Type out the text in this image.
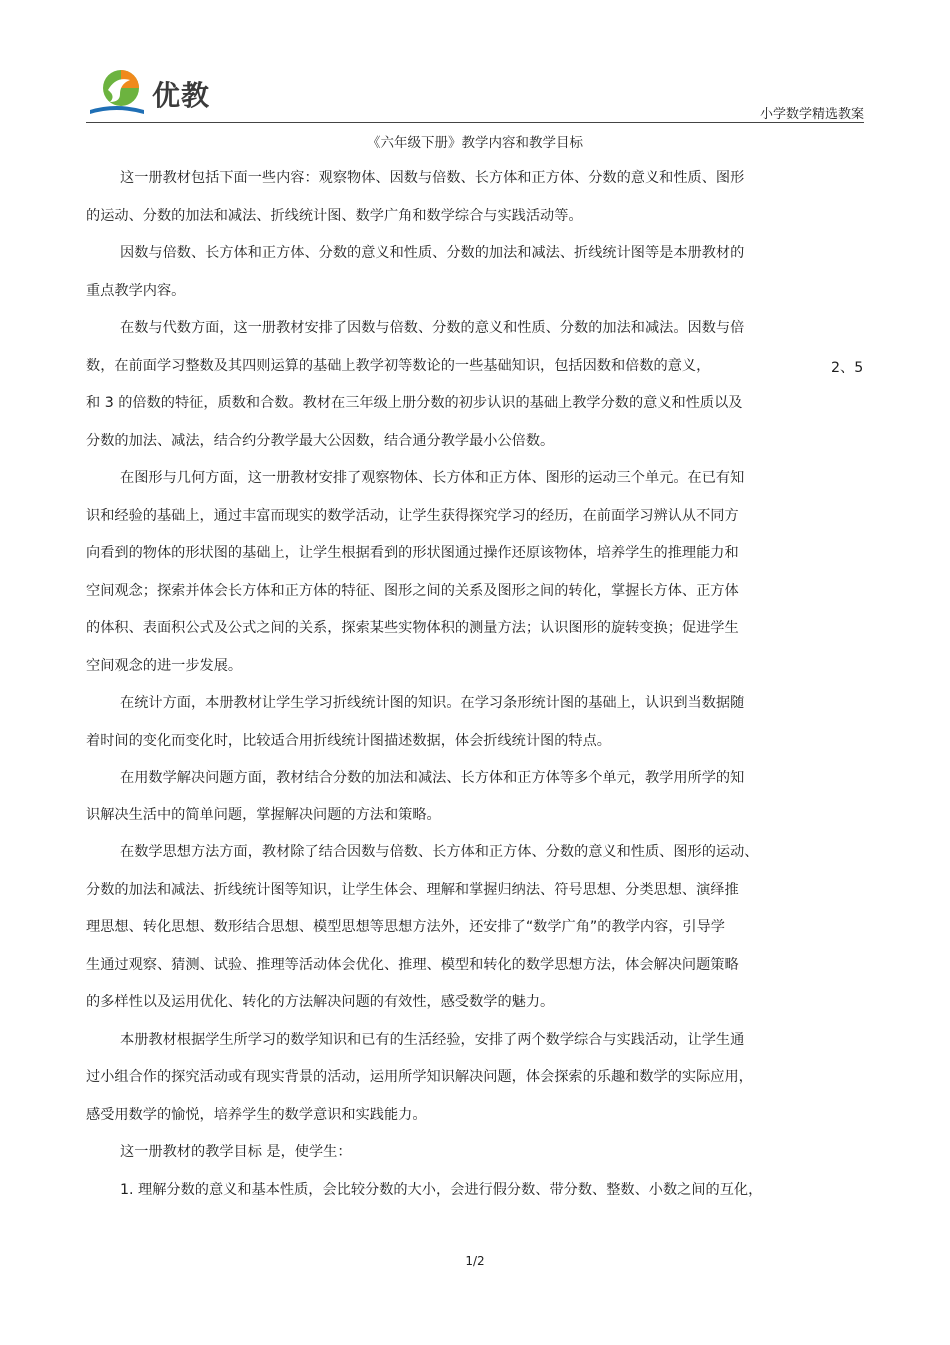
优教
小学数学精选教案
《六年级下册》教学内容和教学目标
这一册教材包括下面一些内容：观察物体、因数与倍数、长方体和正方体、分数的意义和性质、图形
的运动、分数的加法和减法、折线统计图、数学广角和数学综合与实践活动等。
因数与倍数、长方体和正方体、分数的意义和性质、分数的加法和减法、折线统计图等是本册教材的
重点教学内容。
在数与代数方面，这一册教材安排了因数与倍数、分数的意义和性质、分数的加法和减法。因数与倍
数，在前面学习整数及其四则运算的基础上教学初等数论的一些基础知识，包括因数和倍数的意义，	2、5
和 3 的倍数的特征，质数和合数。教材在三年级上册分数的初步认识的基础上教学分数的意义和性质以及
分数的加法、减法，结合约分教学最大公因数，结合通分教学最小公倍数。
在图形与几何方面，这一册教材安排了观察物体、长方体和正方体、图形的运动三个单元。在已有知
识和经验的基础上，通过丰富而现实的数学活动，让学生获得探究学习的经历，在前面学习辨认从不同方
向看到的物体的形状图的基础上，让学生根据看到的形状图通过操作还原该物体，培养学生的推理能力和
空间观念；探索并体会长方体和正方体的特征、图形之间的关系及图形之间的转化，掌握长方体、正方体
的体积、表面积公式及公式之间的关系，探索某些实物体积的测量方法；认识图形的旋转变换；促进学生
空间观念的进一步发展。
在统计方面，本册教材让学生学习折线统计图的知识。在学习条形统计图的基础上，认识到当数据随
着时间的变化而变化时，比较适合用折线统计图描述数据，体会折线统计图的特点。
在用数学解决问题方面，教材结合分数的加法和减法、长方体和正方体等多个单元，教学用所学的知
识解决生活中的简单问题，掌握解决问题的方法和策略。
在数学思想方法方面，教材除了结合因数与倍数、长方体和正方体、分数的意义和性质、图形的运动、
分数的加法和减法、折线统计图等知识，让学生体会、理解和掌握归纳法、符号思想、分类思想、演绎推
理思想、转化思想、数形结合思想、模型思想等思想方法外，还安排了“数学广角”的教学内容，引导学
生通过观察、猜测、试验、推理等活动体会优化、推理、模型和转化的数学思想方法，体会解决问题策略
的多样性以及运用优化、转化的方法解决问题的有效性，感受数学的魅力。
本册教材根据学生所学习的数学知识和已有的生活经验，安排了两个数学综合与实践活动，让学生通
过小组合作的探究活动或有现实背景的活动，运用所学知识解决问题，体会探索的乐趣和数学的实际应用，
感受用数学的愉悦，培养学生的数学意识和实践能力。
这一册教材的教学目标 是，使学生：
1. 理解分数的意义和基本性质，会比较分数的大小，会进行假分数、带分数、整数、小数之间的互化，
1/2
